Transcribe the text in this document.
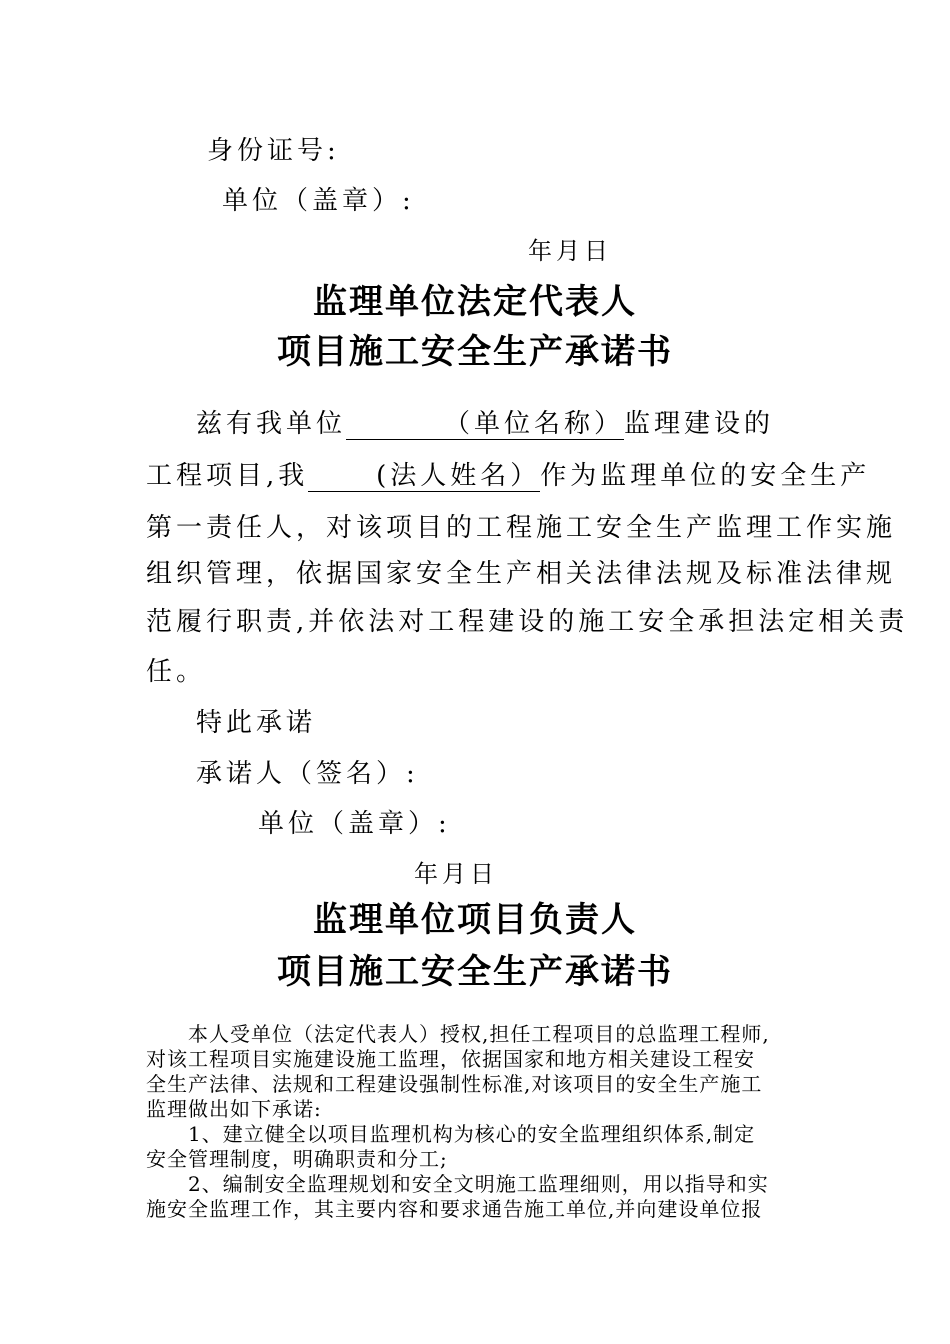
身份证号:
单位（盖章）:
年月日
监理单位法定代表人
项目施工安全生产承诺书
兹有我单位	（单位名称）监理建设的
工程项目,我	(法人姓名）作为监理单位的安全生产
第一责任人，对该项目的工程施工安全生产监理工作实施
组织管理，依据国家安全生产相关法律法规及标准法律规
范履行职责,并依法对工程建设的施工安全承担法定相关责
任。
特此承诺
承诺人（签名）:
单位（盖章）:
年月日
监理单位项目负责人
项目施工安全生产承诺书
本人受单位（法定代表人）授权,担任工程项目的总监理工程师,
对该工程项目实施建设施工监理，依据国家和地方相关建设工程安
全生产法律、法规和工程建设强制性标准,对该项目的安全生产施工
监理做出如下承诺:
1、建立健全以项目监理机构为核心的安全监理组织体系,制定
安全管理制度，明确职责和分工;
2、编制安全监理规划和安全文明施工监理细则，用以指导和实
施安全监理工作，其主要内容和要求通告施工单位,并向建设单位报
